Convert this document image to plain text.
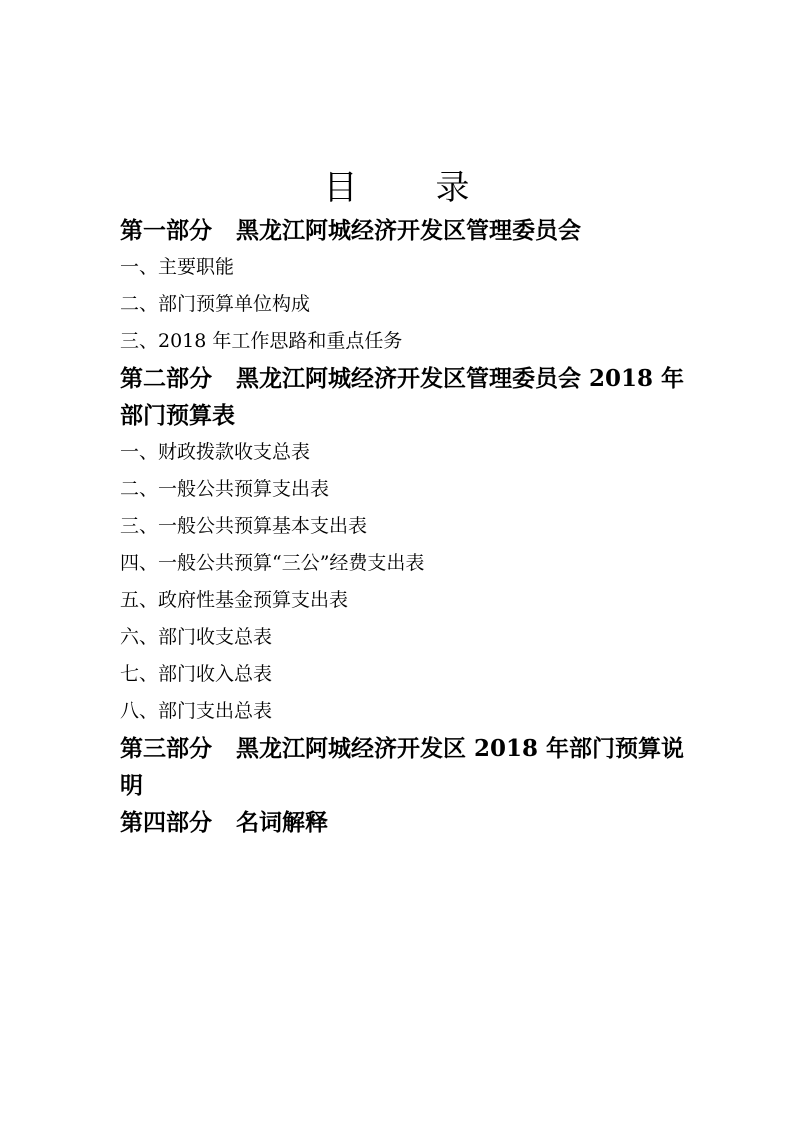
目 录

第一部分 黑龙江阿城经济开发区管理委员会

一、主要职能

二、部门预算单位构成

三、2018 年工作思路和重点任务

第二部分 黑龙江阿城经济开发区管理委员会 2018 年部门预算表

一、财政拨款收支总表

二、一般公共预算支出表

三、一般公共预算基本支出表

四、一般公共预算“三公”经费支出表

五、政府性基金预算支出表

六、部门收支总表

七、部门收入总表

八、部门支出总表

第三部分 黑龙江阿城经济开发区 2018 年部门预算说明

第四部分 名词解释
